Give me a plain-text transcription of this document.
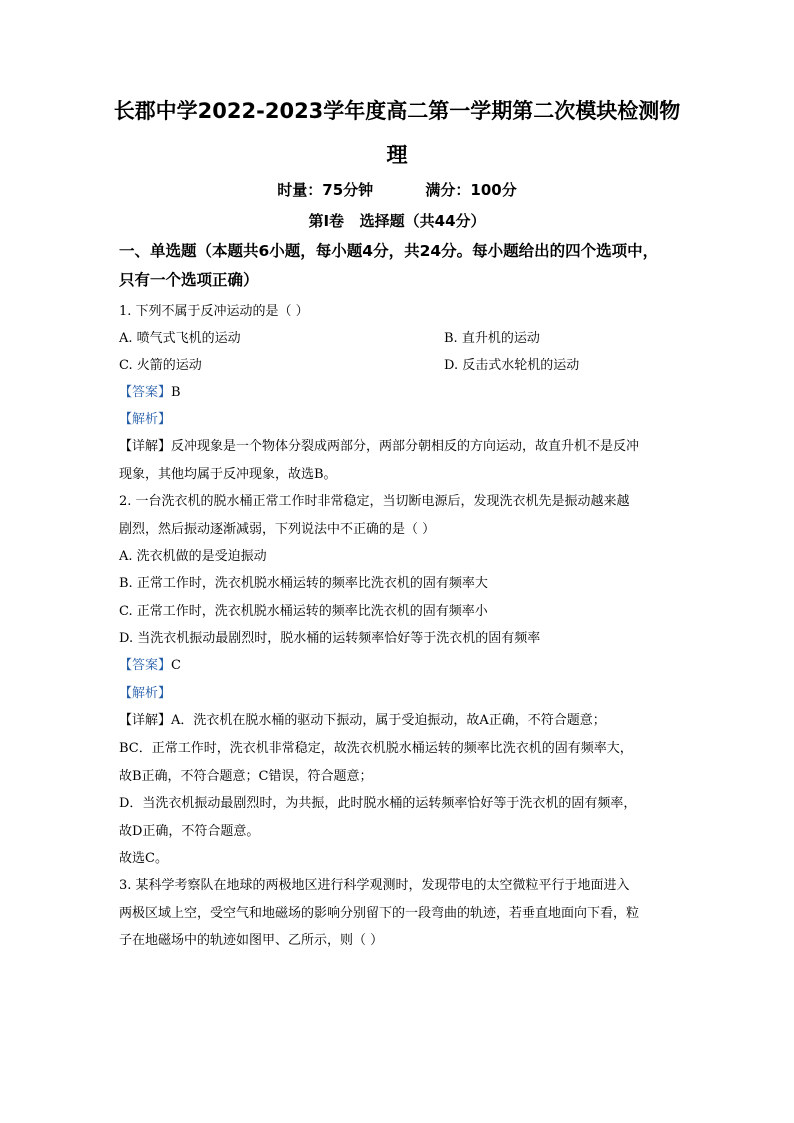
长郡中学2022-2023学年度高二第一学期第二次模块检测物
理
时量：75分钟          满分：100分
第Ⅰ卷   选择题（共44分）
一、单选题（本题共6小题，每小题4分，共24分。每小题给出的四个选项中，
只有一个选项正确）
1. 下列不属于反冲运动的是（ ）
A. 喷气式飞机的运动	B. 直升机的运动
C. 火箭的运动	D. 反击式水轮机的运动
【答案】B
【解析】
【详解】反冲现象是一个物体分裂成两部分，两部分朝相反的方向运动，故直升机不是反冲
现象，其他均属于反冲现象，故选B。
2. 一台洗衣机的脱水桶正常工作时非常稳定，当切断电源后，发现洗衣机先是振动越来越
剧烈，然后振动逐渐减弱，下列说法中不正确的是（ ）
A. 洗衣机做的是受迫振动
B. 正常工作时，洗衣机脱水桶运转的频率比洗衣机的固有频率大
C. 正常工作时，洗衣机脱水桶运转的频率比洗衣机的固有频率小
D. 当洗衣机振动最剧烈时，脱水桶的运转频率恰好等于洗衣机的固有频率
【答案】C
【解析】
【详解】A．洗衣机在脱水桶的驱动下振动，属于受迫振动，故A正确，不符合题意；
BC．正常工作时，洗衣机非常稳定，故洗衣机脱水桶运转的频率比洗衣机的固有频率大，
故B正确，不符合题意；C错误，符合题意；
D．当洗衣机振动最剧烈时，为共振，此时脱水桶的运转频率恰好等于洗衣机的固有频率，
故D正确，不符合题意。
故选C。
3. 某科学考察队在地球的两极地区进行科学观测时，发现带电的太空微粒平行于地面进入
两极区域上空，受空气和地磁场的影响分别留下的一段弯曲的轨迹，若垂直地面向下看，粒
子在地磁场中的轨迹如图甲、乙所示，则（ ）
